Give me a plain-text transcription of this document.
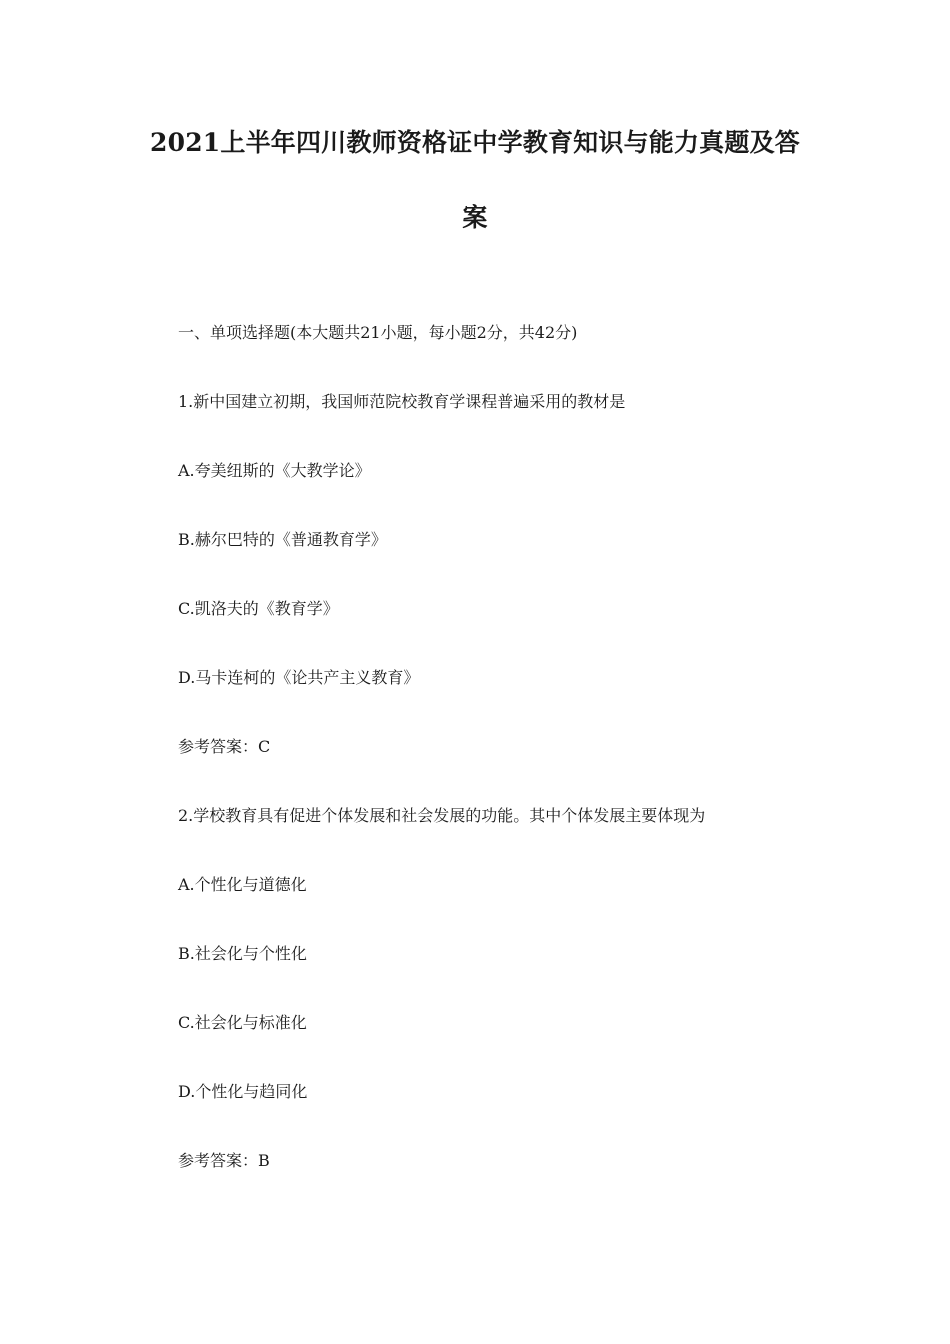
2021上半年四川教师资格证中学教育知识与能力真题及答
案
一、单项选择题(本大题共21小题，每小题2分，共42分)
1.新中国建立初期，我国师范院校教育学课程普遍采用的教材是
A.夸美纽斯的《大教学论》
B.赫尔巴特的《普通教育学》
C.凯洛夫的《教育学》
D.马卡连柯的《论共产主义教育》
参考答案：C
2.学校教育具有促进个体发展和社会发展的功能。其中个体发展主要体现为
A.个性化与道德化
B.社会化与个性化
C.社会化与标准化
D.个性化与趋同化
参考答案：B
